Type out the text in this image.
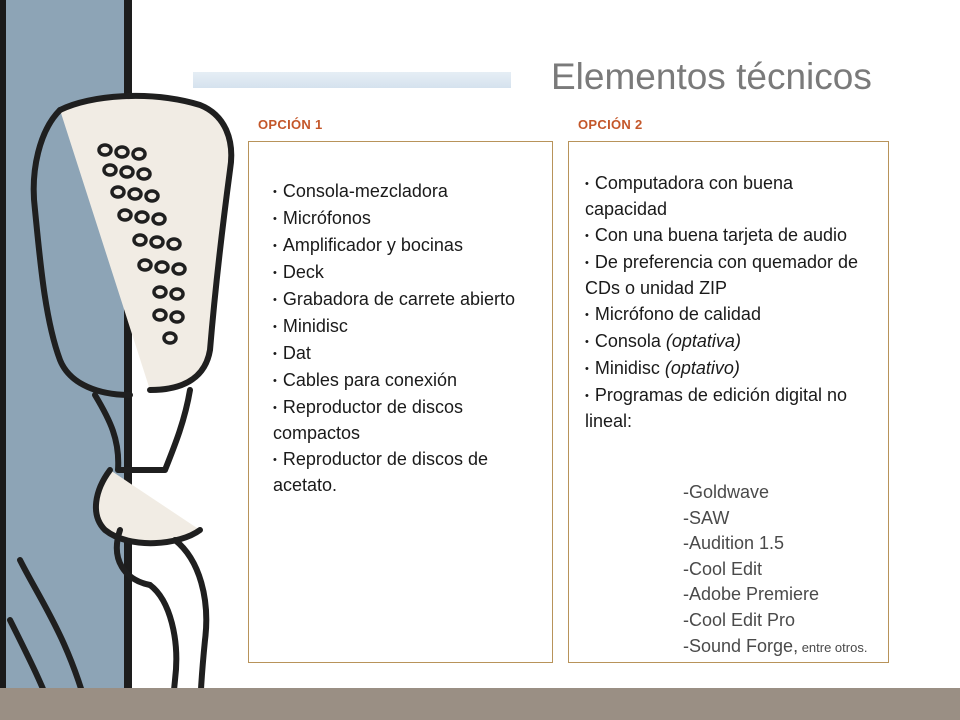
Elementos técnicos
OPCIÓN 1	OPCIÓN 2
• Consola-mezcladora
• Micrófonos
• Amplificador y bocinas
• Deck
• Grabadora de carrete abierto
• Minidisc
• Dat
• Cables para conexión
• Reproductor de discos compactos
• Reproductor de discos de acetato.
• Computadora con buena capacidad
• Con una buena tarjeta de audio
• De preferencia con quemador de CDs o unidad ZIP
• Micrófono de calidad
• Consola (optativa)
• Minidisc (optativo)
• Programas de edición digital no lineal:
-Goldwave
-SAW
-Audition 1.5
-Cool Edit
-Adobe Premiere
-Cool Edit Pro
-Sound Forge, entre otros.
